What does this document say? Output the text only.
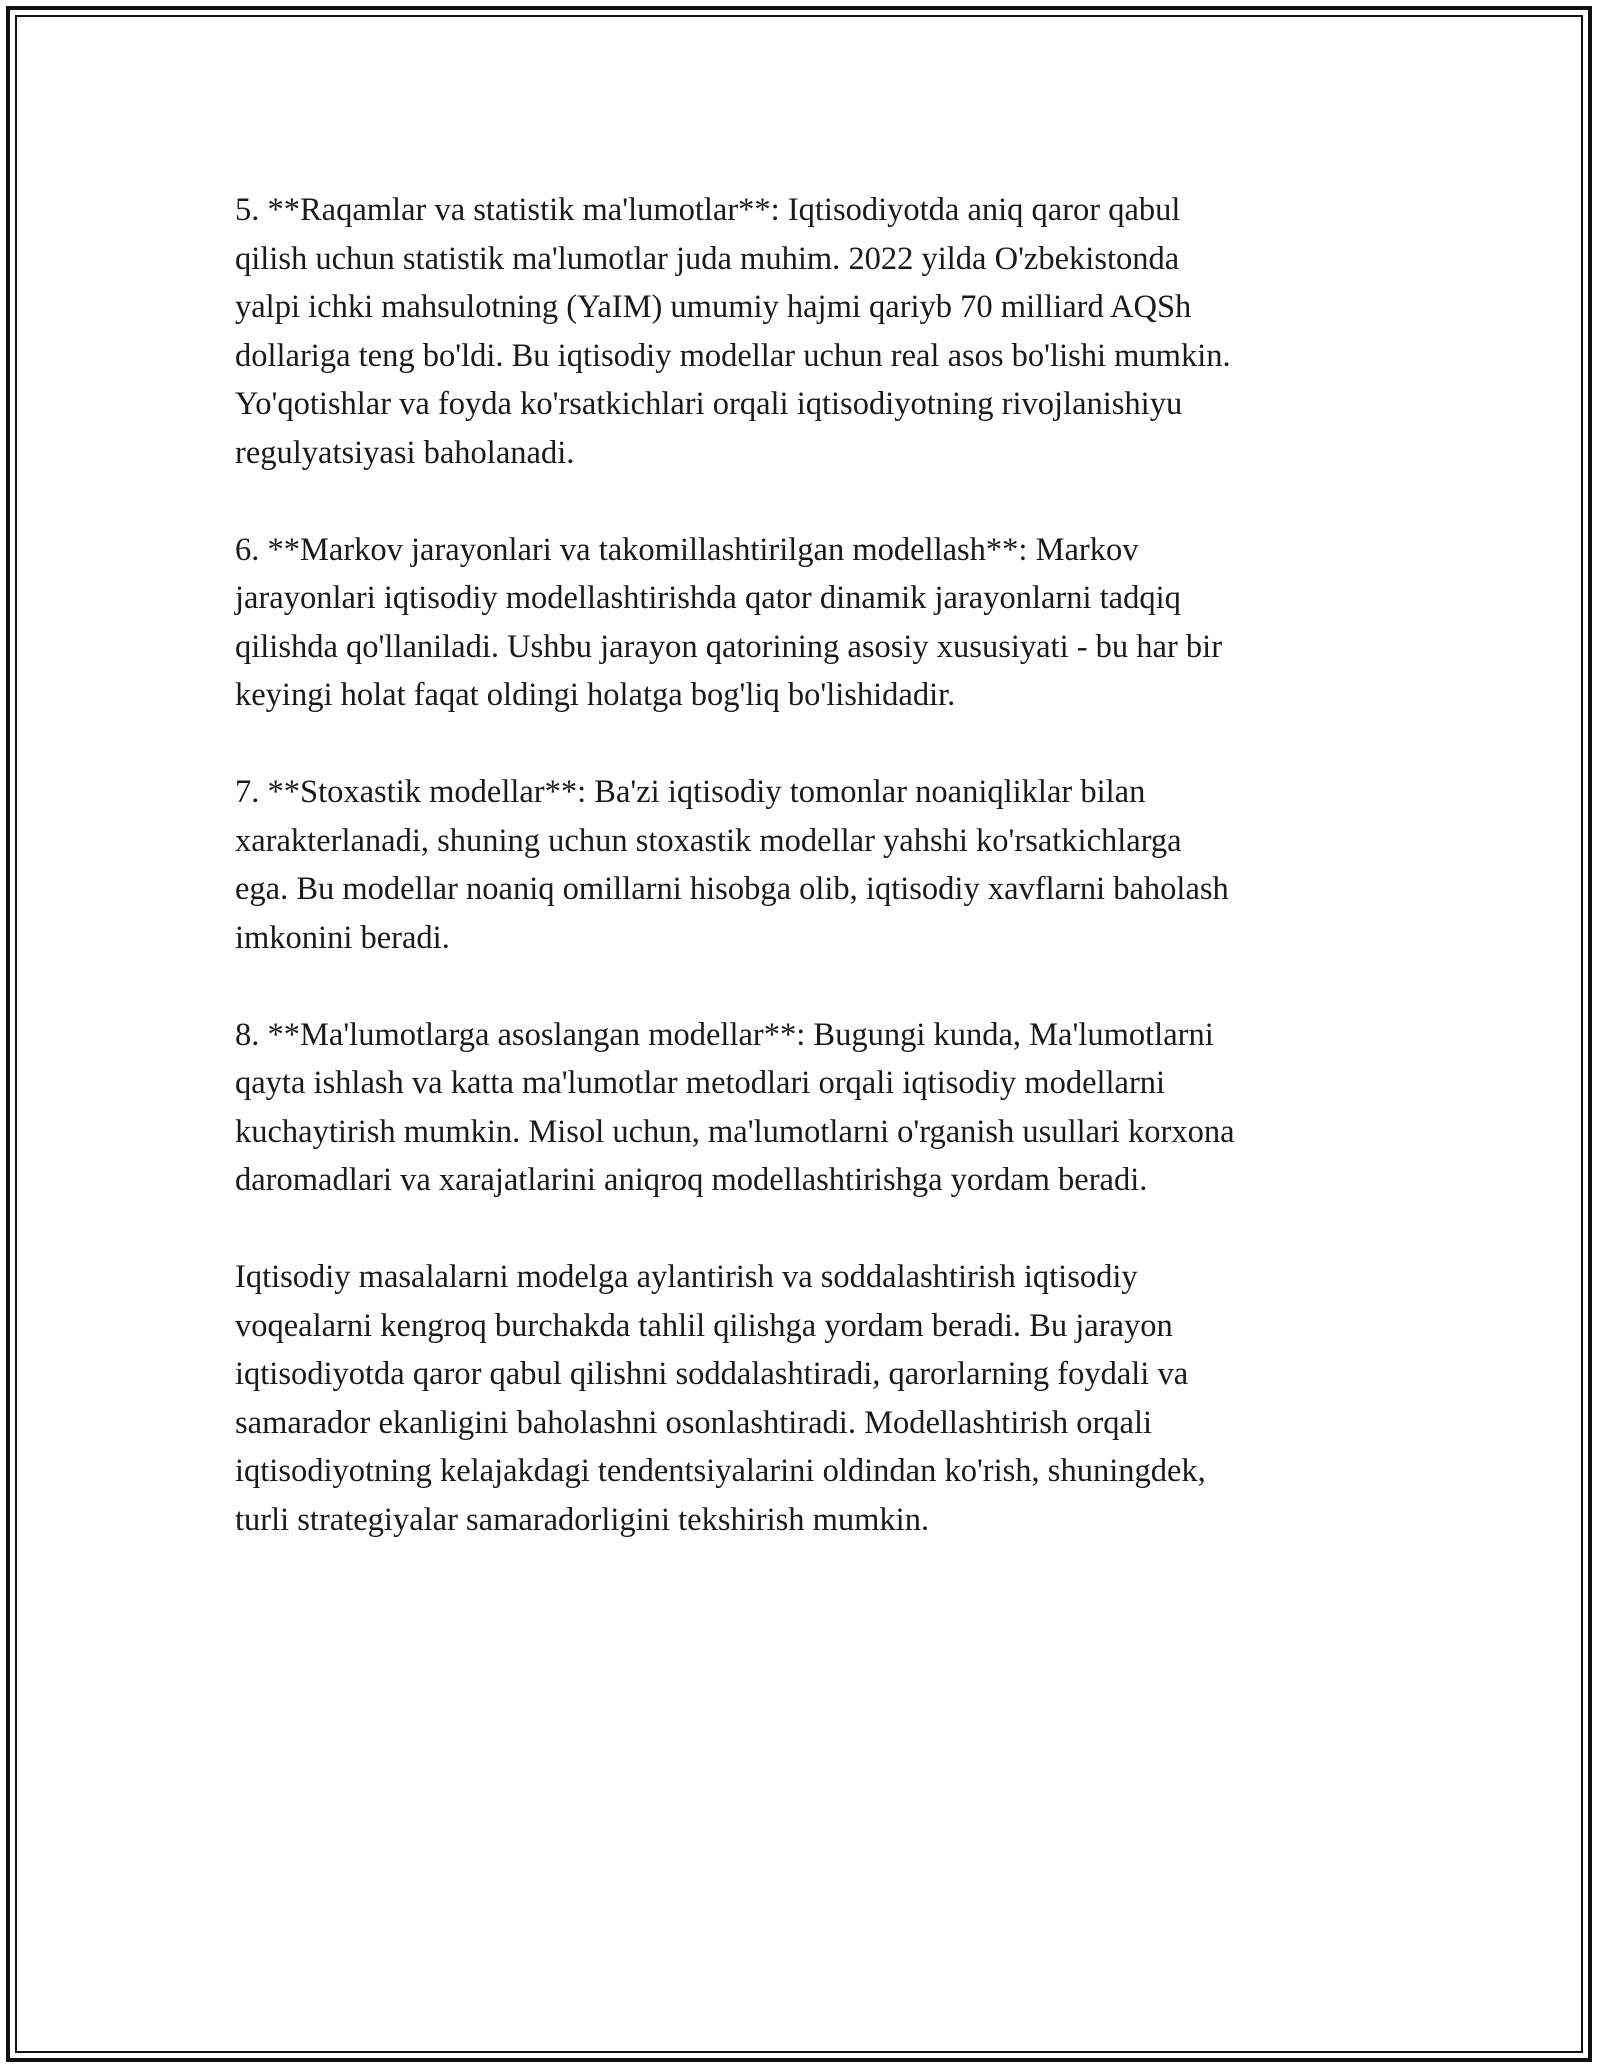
5. **Raqamlar va statistik ma'lumotlar**: Iqtisodiyotda aniq qaror qabul
qilish uchun statistik ma'lumotlar juda muhim. 2022 yilda O'zbekistonda
yalpi ichki mahsulotning (YaIM) umumiy hajmi qariyb 70 milliard AQSh
dollariga teng bo'ldi. Bu iqtisodiy modellar uchun real asos bo'lishi mumkin.
Yo'qotishlar va foyda ko'rsatkichlari orqali iqtisodiyotning rivojlanishiyu
regulyatsiyasi baholanadi.

6. **Markov jarayonlari va takomillashtirilgan modellash**: Markov
jarayonlari iqtisodiy modellashtirishda qator dinamik jarayonlarni tadqiq
qilishda qo'llaniladi. Ushbu jarayon qatorining asosiy xususiyati - bu har bir
keyingi holat faqat oldingi holatga bog'liq bo'lishidadir.

7. **Stoxastik modellar**: Ba'zi iqtisodiy tomonlar noaniqliklar bilan
xarakterlanadi, shuning uchun stoxastik modellar yahshi ko'rsatkichlarga
ega. Bu modellar noaniq omillarni hisobga olib, iqtisodiy xavflarni baholash
imkonini beradi.

8. **Ma'lumotlarga asoslangan modellar**: Bugungi kunda, Ma'lumotlarni
qayta ishlash va katta ma'lumotlar metodlari orqali iqtisodiy modellarni
kuchaytirish mumkin. Misol uchun, ma'lumotlarni o'rganish usullari korxona
daromadlari va xarajatlarini aniqroq modellashtirishga yordam beradi.

Iqtisodiy masalalarni modelga aylantirish va soddalashtirish iqtisodiy
voqealarni kengroq burchakda tahlil qilishga yordam beradi. Bu jarayon
iqtisodiyotda qaror qabul qilishni soddalashtiradi, qarorlarning foydali va
samarador ekanligini baholashni osonlashtiradi. Modellashtirish orqali
iqtisodiyotning kelajakdagi tendentsiyalarini oldindan ko'rish, shuningdek,
turli strategiyalar samaradorligini tekshirish mumkin.
